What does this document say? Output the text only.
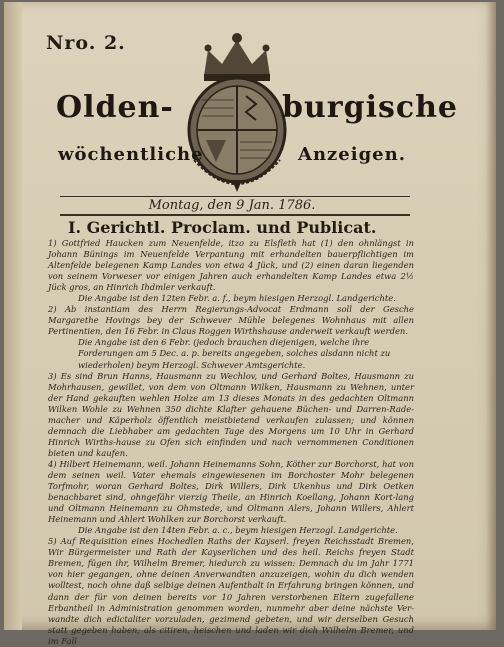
Nro. 2.
Olden-	burgische
wöchentliche	Anzeigen.
Montag, den 9 Jan. 1786.
I. Gerichtl. Proclam. und Publicat.

1) Gottfried Haucken zum Neuenfelde, itzo zu Elsfleth hat (1) den ohnlängst in Johann Bünings im Neuenfelde Verpantung mit erhandelten bauerpflichtigen im Altenfelde belegenen Kamp Landes von etwa 4 Jück, und (2) einen daran liegenden von seinem Vorweser vor einigen Jahren auch erhandelten Kamp Landes etwa 2½ Jück gros, an Hinrich Ihdmler verkauft.

Die Angabe ist den 12ten Febr. a. f., beym hiesigen Herzogl. Landgerichte.

2) Ab instantiam des Herrn Regierungs-Advocat Erdmann soll der Gesche Margarethe Hovings bey der Schwever Mühle belegenes Wohnhaus mit allen Pertinentien, den 16 Febr. in Claus Roggen Wirthshause anderweit verkauft werden.

Die Angabe ist den 6 Febr. (jedoch brauchen diejenigen, welche ihre Forderungen am 5 Dec. a. p. bereits angegeben, solches alsdann nicht zu wiederholen) beym Herzogl. Schwever Amtsgerichte.

3) Es sind Brun Hanns, Hausmann zu Wechlov, und Gerhard Boltes, Hausmann zu Mohrhausen, gewillet, von dem von Oltmann Wilken, Hausmann zu Wehnen, unter der Hand gekauften wehlen Holze am 13 dieses Monats in des gedachten Oltmann Wilken Wohle zu Wehnen 350 dichte Klafter gehauene Büchen- und Darren-Rade-macher und Käperholz öffentlich meistbietend verkaufen zulassen; und können demnach die Liebhaber am gedachten Tage des Morgens um 10 Uhr in Gerhard Hinrich Wirths-hause zu Ofen sich einfinden und nach vernommenen Conditionen bieten und kaufen.

4) Hilbert Heinemann, weil. Johann Heinemanns Sohn, Köther zur Borchorst, hat von dem seinen weil. Vater ehemals eingewiesenen im Borchoster Mohr belegenen Torfmohr, woran Gerhard Boltes, Dirk Willers, Dirk Ukenhus und Dirk Oetken benachbaret sind, ohngefähr vierzig Theile, an Hinrich Koellang, Johann Kort-lang und Oltmann Heinemann zu Ohmstede, und Oltmann Alers, Johann Willers, Ahlert Heinemann und Ahlert Wohlken zur Borchorst verkauft.

Die Angabe ist den 14ten Febr. a. c., beym hiesigen Herzogl. Landgerichte.

5) Auf Requisition eines Hochedlen Raths der Kayserl. freyen Reichsstadt Bremen, Wir Bürgermeister und Rath der Kayserlichen und des heil. Reichs freyen Stadt Bremen, fügen ihr, Wilhelm Bremer, hiedurch zu wissen: Demnach du im Jahr 1771 von hier gegangen, ohne deinen Anverwandten anzuzeigen, wohin du dich wenden wolltest, noch ohne daß selbige deinen Aufenthalt in Erfahrung bringen können, und dann der für von deinen bereits vor 10 Jahren verstorbenen Eltern zugefallene Erbantheil in Administration genommen worden, nunmehr aber deine nächste Ver-wandte dich edictaliter vorzuladen, gezimend gebeten, und wir derselben Gesuch statt gegeben haben; als citiren, heischen und laden wir dich Wilhelm Bremer, und im Fall
